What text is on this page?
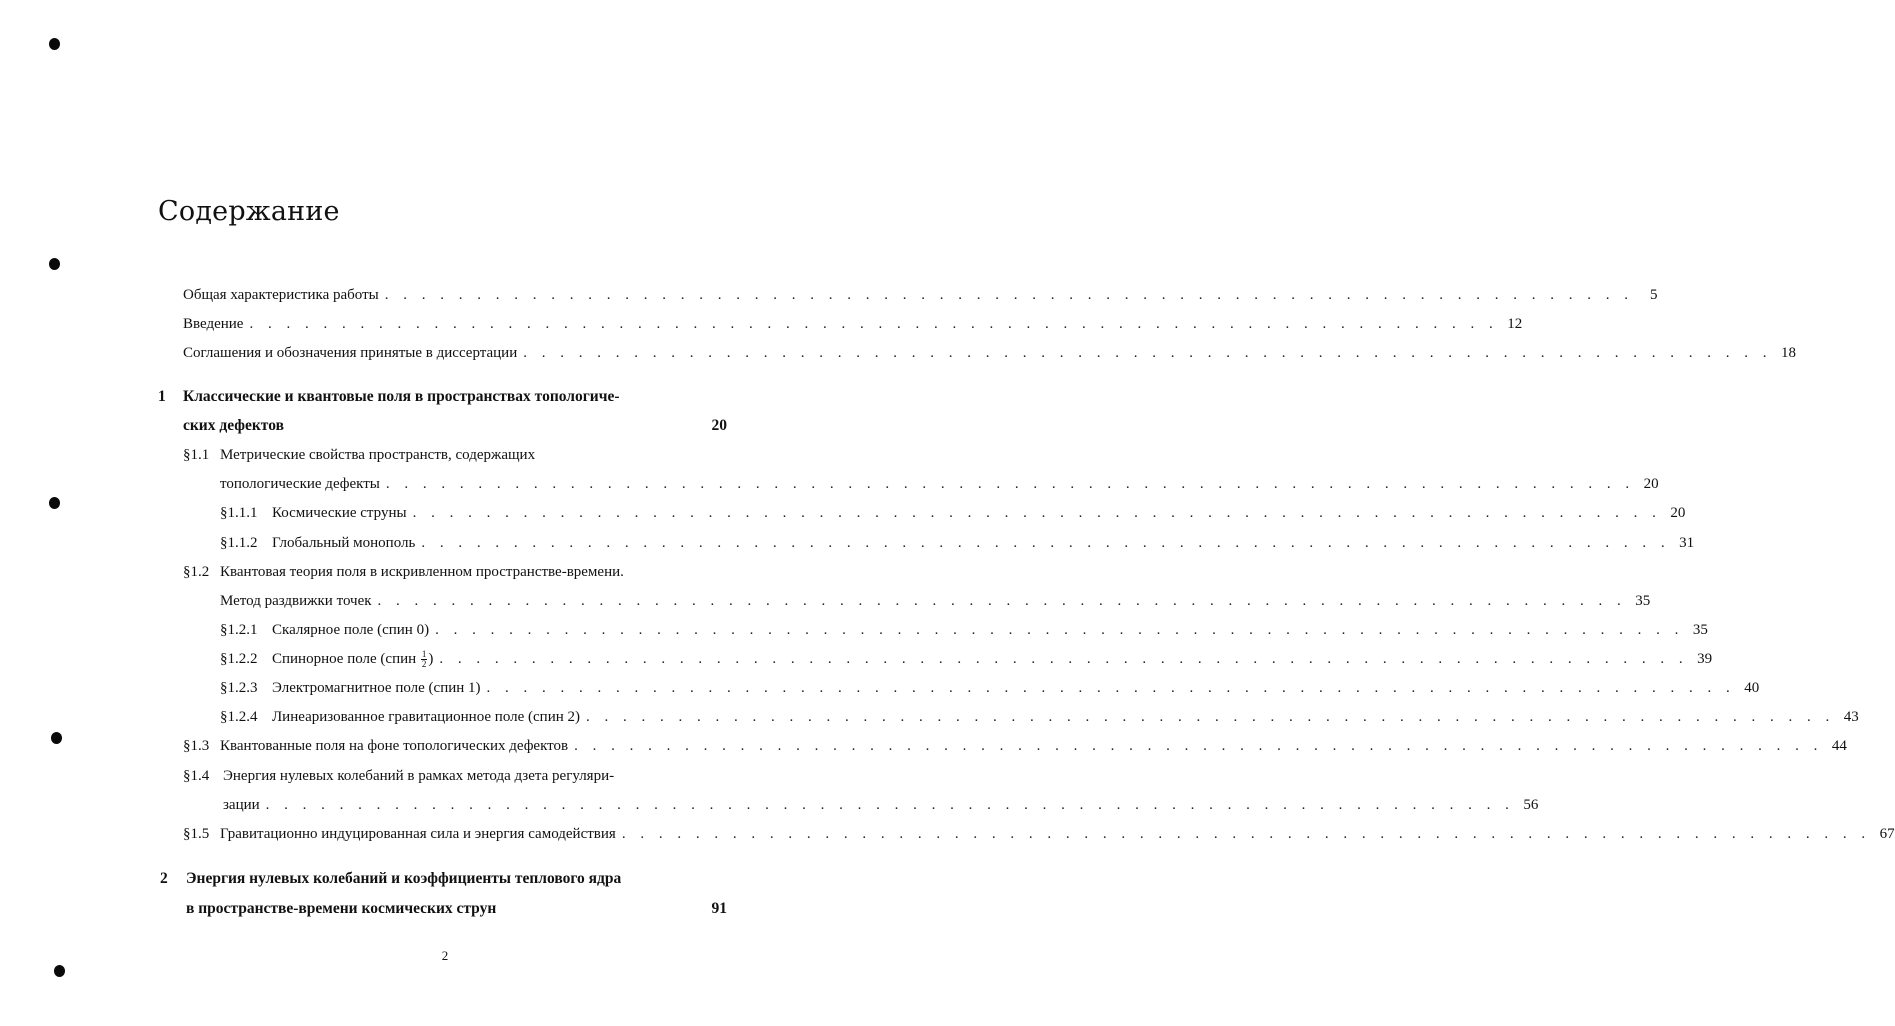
Содержание
Общая характеристика работы . . . . . . . . . . . . . . . . . . . . . . . . . . . . . . . . . . . . . . . . . . . . . . . . . . . . . . . . . . . . . . . . . . . .	5
Введение . . . . . . . . . . . . . . . . . . . . . . . . . . . . . . . . . . . . . . . . . . . . . . . . . . . . . . . . . . . . . . . . . . . . 12
Соглашения и обозначения принятые в диссертации . . . . . . . . . . . . . . . . . . . . . . . . . . . . . . . . . . . . . . . . . . . . . . . . . . . . . . . . . . . . . . . . . . . . 18
1	Классические и квантовые поля в пространствах топологиче-
ских дефектов	20
§1.1 Метрические свойства пространств, содержащих
топологические дефекты . . . . . . . . . . . . . . . . . . . . . . . . . . . . . . . . . . . . . . . . . . . . . . . . . . . . . . . . . . . . . . . . . . . . 20
§1.1.1 Космические струны . . . . . . . . . . . . . . . . . . . . . . . . . . . . . . . . . . . . . . . . . . . . . . . . . . . . . . . . . . . . . . . . . . . . 20
§1.1.2 Глобальный монополь . . . . . . . . . . . . . . . . . . . . . . . . . . . . . . . . . . . . . . . . . . . . . . . . . . . . . . . . . . . . . . . . . . . . 31
§1.2 Квантовая теория поля в искривленном пространстве-времени.
Метод раздвижки точек . . . . . . . . . . . . . . . . . . . . . . . . . . . . . . . . . . . . . . . . . . . . . . . . . . . . . . . . . . . . . . . . . . . . 35
§1.2.1 Скалярное поле (спин 0) . . . . . . . . . . . . . . . . . . . . . . . . . . . . . . . . . . . . . . . . . . . . . . . . . . . . . . . . . . . . . . . . . . . . 35
§1.2.2 Спинорное поле (спин $\frac{1}{2}$ ) . . . . . . . . . . . . . . . . . . . . . . . . . . . . . . . . . . . . . . . . . . . . . . . . . . . . . . . . . . . . . . . . . . . . 39
§1.2.3 Электромагнитное поле (спин 1) . . . . . . . . . . . . . . . . . . . . . . . . . . . . . . . . . . . . . . . . . . . . . . . . . . . . . . . . . . . . . . . . . . . . 40
§1.2.4 Линеаризованное гравитационное поле (спин 2) . . . . . . . . . . . . . . . . . . . . . . . . . . . . . . . . . . . . . . . . . . . . . . . . . . . . . . . . . . . . . . . . . . . . 43
§1.3 Квантованные поля на фоне топологических дефектов . . . . . . . . . . . . . . . . . . . . . . . . . . . . . . . . . . . . . . . . . . . . . . . . . . . . . . . . . . . . . . . . . . . . 44
§1.4 Энергия нулевых колебаний в рамках метода дзета регуляри-
зации . . . . . . . . . . . . . . . . . . . . . . . . . . . . . . . . . . . . . . . . . . . . . . . . . . . . . . . . . . . . . . . . . . . . 56
§1.5 Гравитационно индуцированная сила и энергия самодействия . . . . . . . . . . . . . . . . . . . . . . . . . . . . . . . . . . . . . . . . . . . . . . . . . . . . . . . . . . . . . . . . . . . . 67
2	Энергия нулевых колебаний и коэффициенты теплового ядра
в пространстве-времени космических струн	91
2
